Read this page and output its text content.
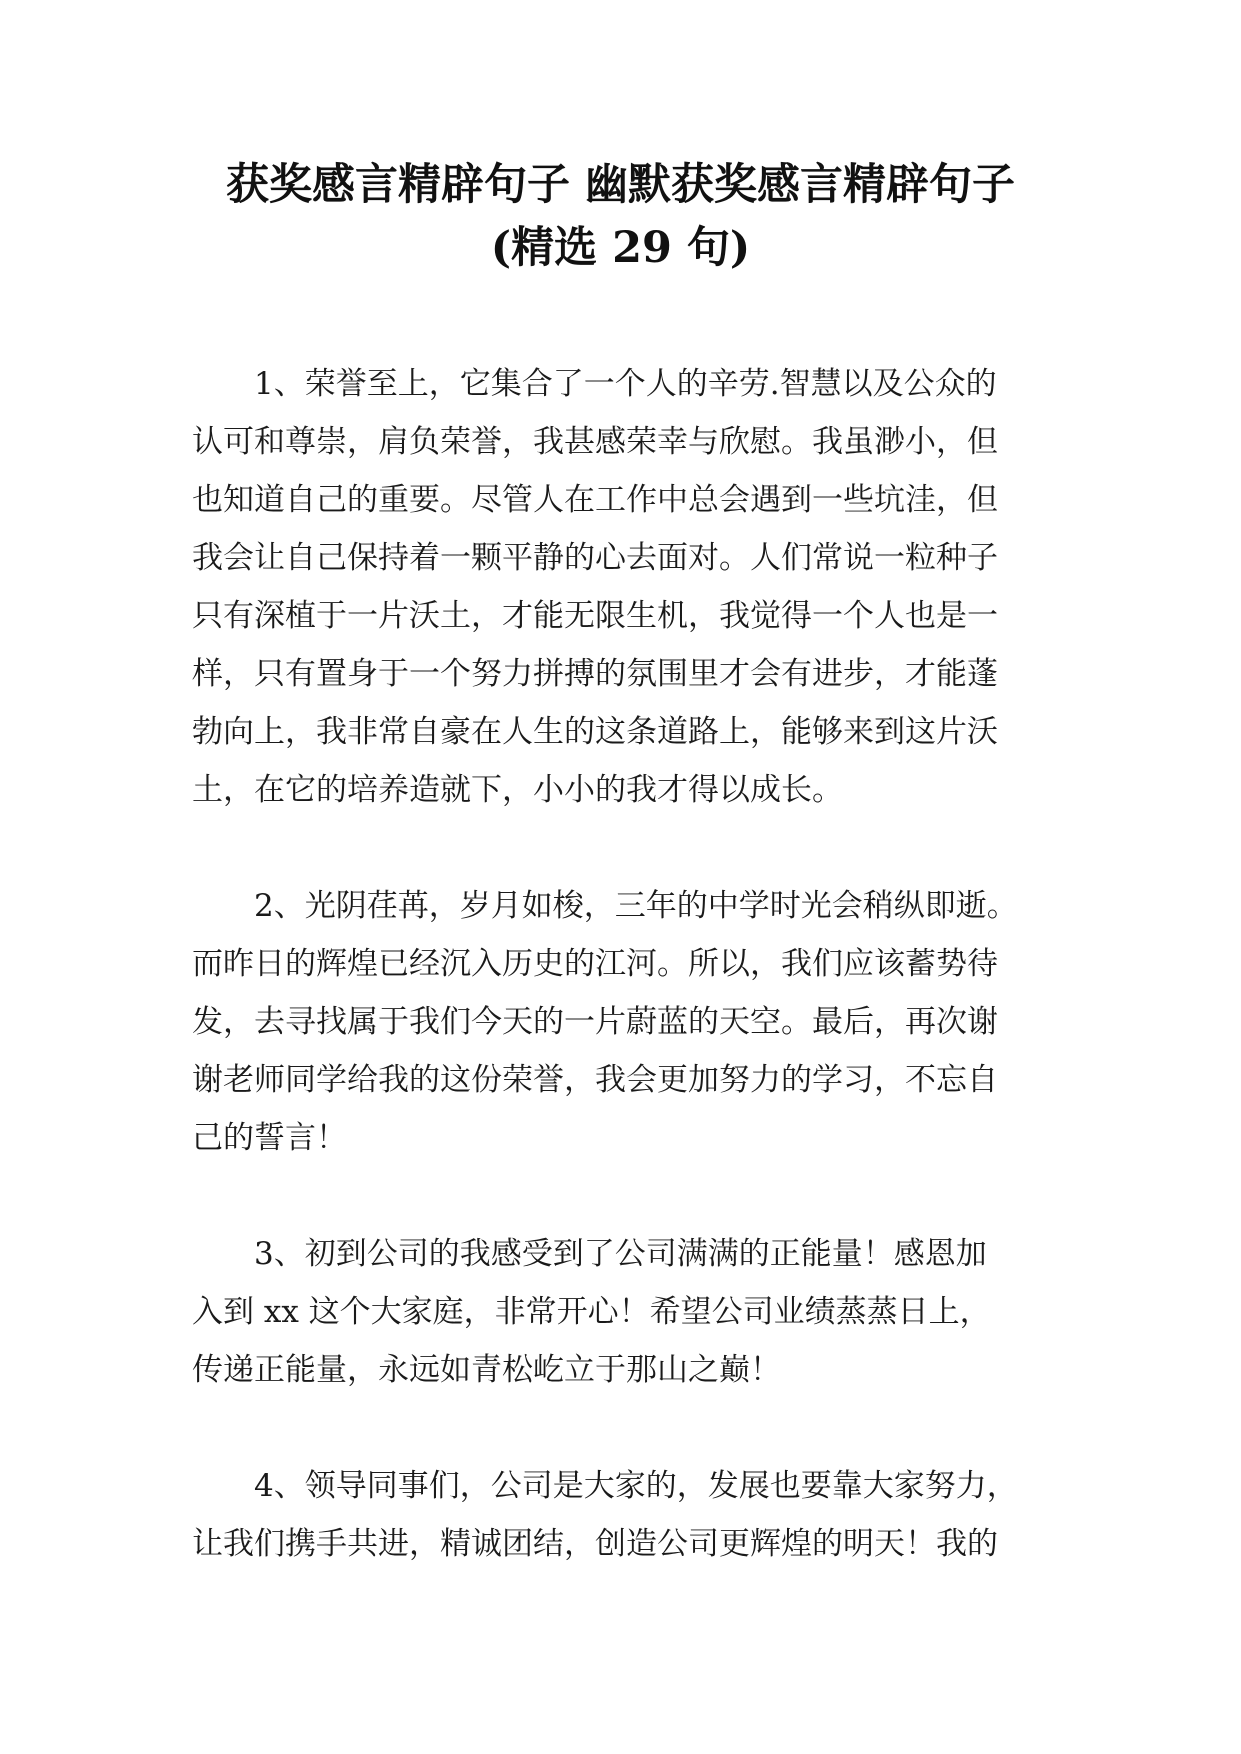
获奖感言精辟句子 幽默获奖感言精辟句子
(精选 29 句)
1、荣誉至上，它集合了一个人的辛劳.智慧以及公众的
认可和尊崇，肩负荣誉，我甚感荣幸与欣慰。我虽渺小，但
也知道自己的重要。尽管人在工作中总会遇到一些坑洼，但
我会让自己保持着一颗平静的心去面对。人们常说一粒种子
只有深植于一片沃土，才能无限生机，我觉得一个人也是一
样，只有置身于一个努力拼搏的氛围里才会有进步，才能蓬
勃向上，我非常自豪在人生的这条道路上，能够来到这片沃
土，在它的培养造就下，小小的我才得以成长。
2、光阴荏苒，岁月如梭，三年的中学时光会稍纵即逝。
而昨日的辉煌已经沉入历史的江河。所以，我们应该蓄势待
发，去寻找属于我们今天的一片蔚蓝的天空。最后，再次谢
谢老师同学给我的这份荣誉，我会更加努力的学习，不忘自
己的誓言！
3、初到公司的我感受到了公司满满的正能量！感恩加
入到 xx 这个大家庭，非常开心！希望公司业绩蒸蒸日上，
传递正能量，永远如青松屹立于那山之巅！
4、领导同事们，公司是大家的，发展也要靠大家努力，
让我们携手共进，精诚团结，创造公司更辉煌的明天！我的
